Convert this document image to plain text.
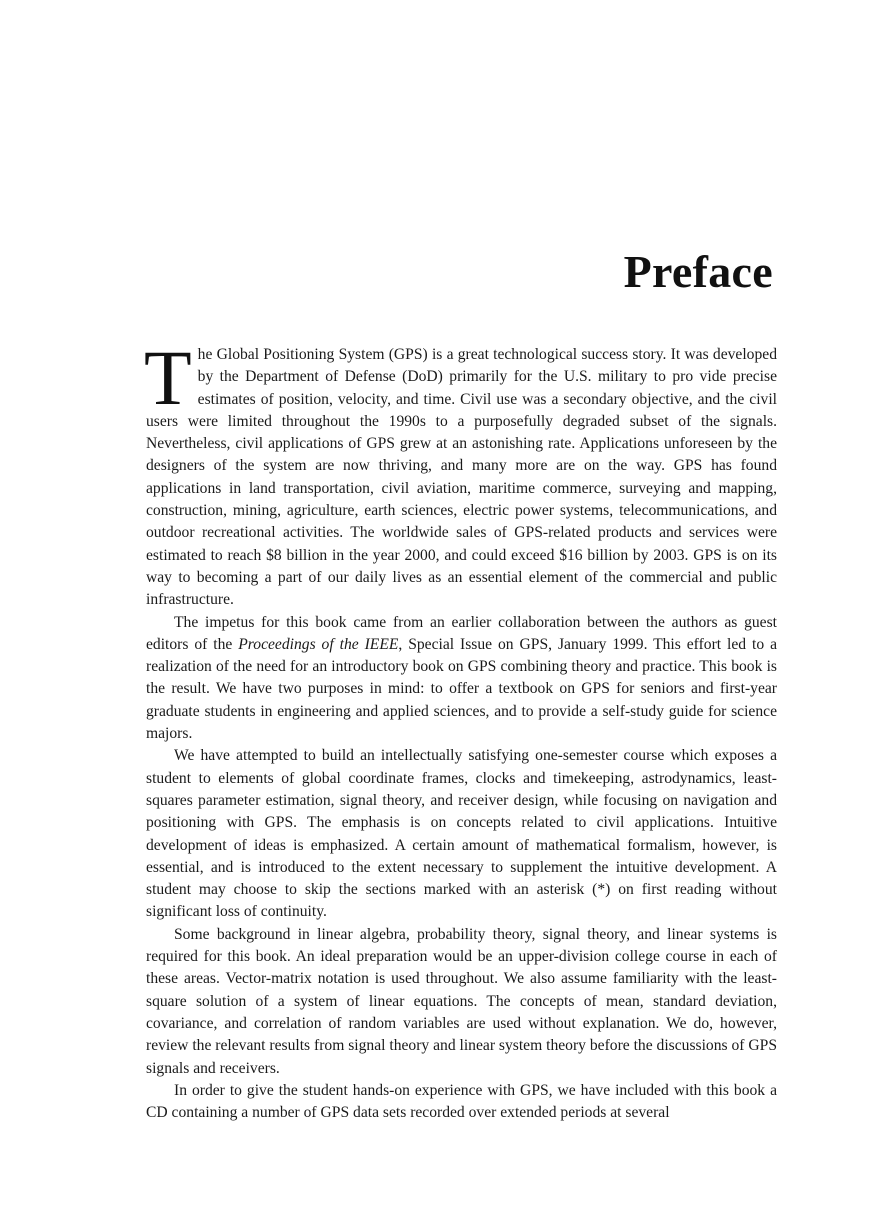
Preface

The Global Positioning System (GPS) is a great technological success story. It was developed by the Department of Defense (DoD) primarily for the U.S. military to pro vide precise estimates of position, velocity, and time. Civil use was a secondary objective, and the civil users were limited throughout the 1990s to a purposefully degraded subset of the signals. Nevertheless, civil applications of GPS grew at an astonishing rate. Applications unforeseen by the designers of the system are now thriving, and many more are on the way. GPS has found applications in land transportation, civil aviation, maritime commerce, surveying and mapping, construction, mining, agriculture, earth sciences, electric power systems, telecommunications, and outdoor recreational activities. The worldwide sales of GPS-related products and services were estimated to reach $8 billion in the year 2000, and could exceed $16 billion by 2003. GPS is on its way to becoming a part of our daily lives as an essential element of the commercial and public infrastructure.

The impetus for this book came from an earlier collaboration between the authors as guest editors of the Proceedings of the IEEE, Special Issue on GPS, January 1999. This effort led to a realization of the need for an introductory book on GPS combining theory and practice. This book is the result. We have two purposes in mind: to offer a textbook on GPS for seniors and first-year graduate students in engineering and applied sciences, and to provide a self-study guide for science majors.

We have attempted to build an intellectually satisfying one-semester course which exposes a student to elements of global coordinate frames, clocks and timekeeping, astrodynamics, least-squares parameter estimation, signal theory, and receiver design, while focusing on navigation and positioning with GPS. The emphasis is on concepts related to civil applications. Intuitive development of ideas is emphasized. A certain amount of mathematical formalism, however, is essential, and is introduced to the extent necessary to supplement the intuitive development. A student may choose to skip the sections marked with an asterisk (*) on first reading without significant loss of continuity.

Some background in linear algebra, probability theory, signal theory, and linear systems is required for this book. An ideal preparation would be an upper-division college course in each of these areas. Vector-matrix notation is used throughout. We also assume familiarity with the least-square solution of a system of linear equations. The concepts of mean, standard deviation, covariance, and correlation of random variables are used without explanation. We do, however, review the relevant results from signal theory and linear system theory before the discussions of GPS signals and receivers.

In order to give the student hands-on experience with GPS, we have included with this book a CD containing a number of GPS data sets recorded over extended periods at several
